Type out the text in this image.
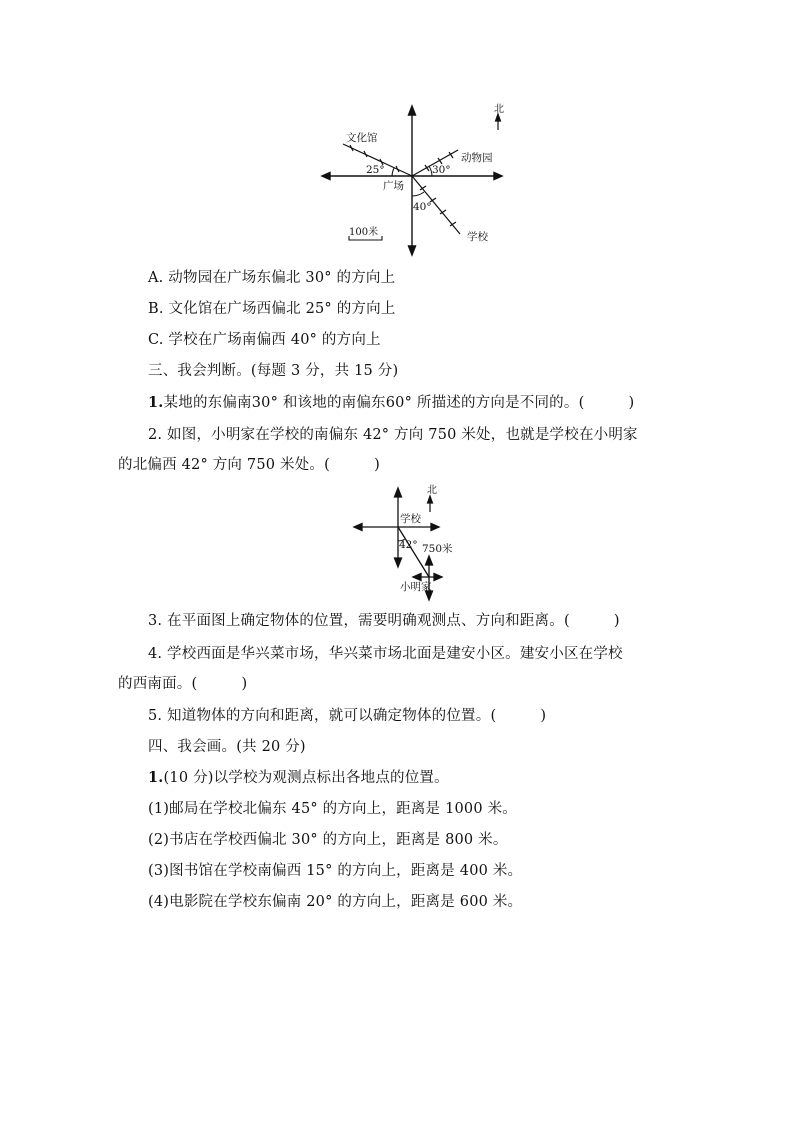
北
文化馆
动物园
广场
学校
25°	30°
40°
100米
A. 动物园在广场东偏北 30° 的方向上
B. 文化馆在广场西偏北 25° 的方向上
C. 学校在广场南偏西 40° 的方向上
三、我会判断。(每题 3 分，共 15 分)
1.某地的东偏南30° 和该地的南偏东60° 所描述的方向是不同的。(　　　)
2. 如图，小明家在学校的南偏东 42° 方向 750 米处，也就是学校在小明家
的北偏西 42° 方向 750 米处。(　　　)
北
学校
42° 750米
小明家
3. 在平面图上确定物体的位置，需要明确观测点、方向和距离。(　　　)
4. 学校西面是华兴菜市场，华兴菜市场北面是建安小区。建安小区在学校
的西南面。(　　　)
5. 知道物体的方向和距离，就可以确定物体的位置。(　　　)
四、我会画。(共 20 分)
1.(10 分)以学校为观测点标出各地点的位置。
(1)邮局在学校北偏东 45° 的方向上，距离是 1000 米。
(2)书店在学校西偏北 30° 的方向上，距离是 800 米。
(3)图书馆在学校南偏西 15° 的方向上，距离是 400 米。
(4)电影院在学校东偏南 20° 的方向上，距离是 600 米。
